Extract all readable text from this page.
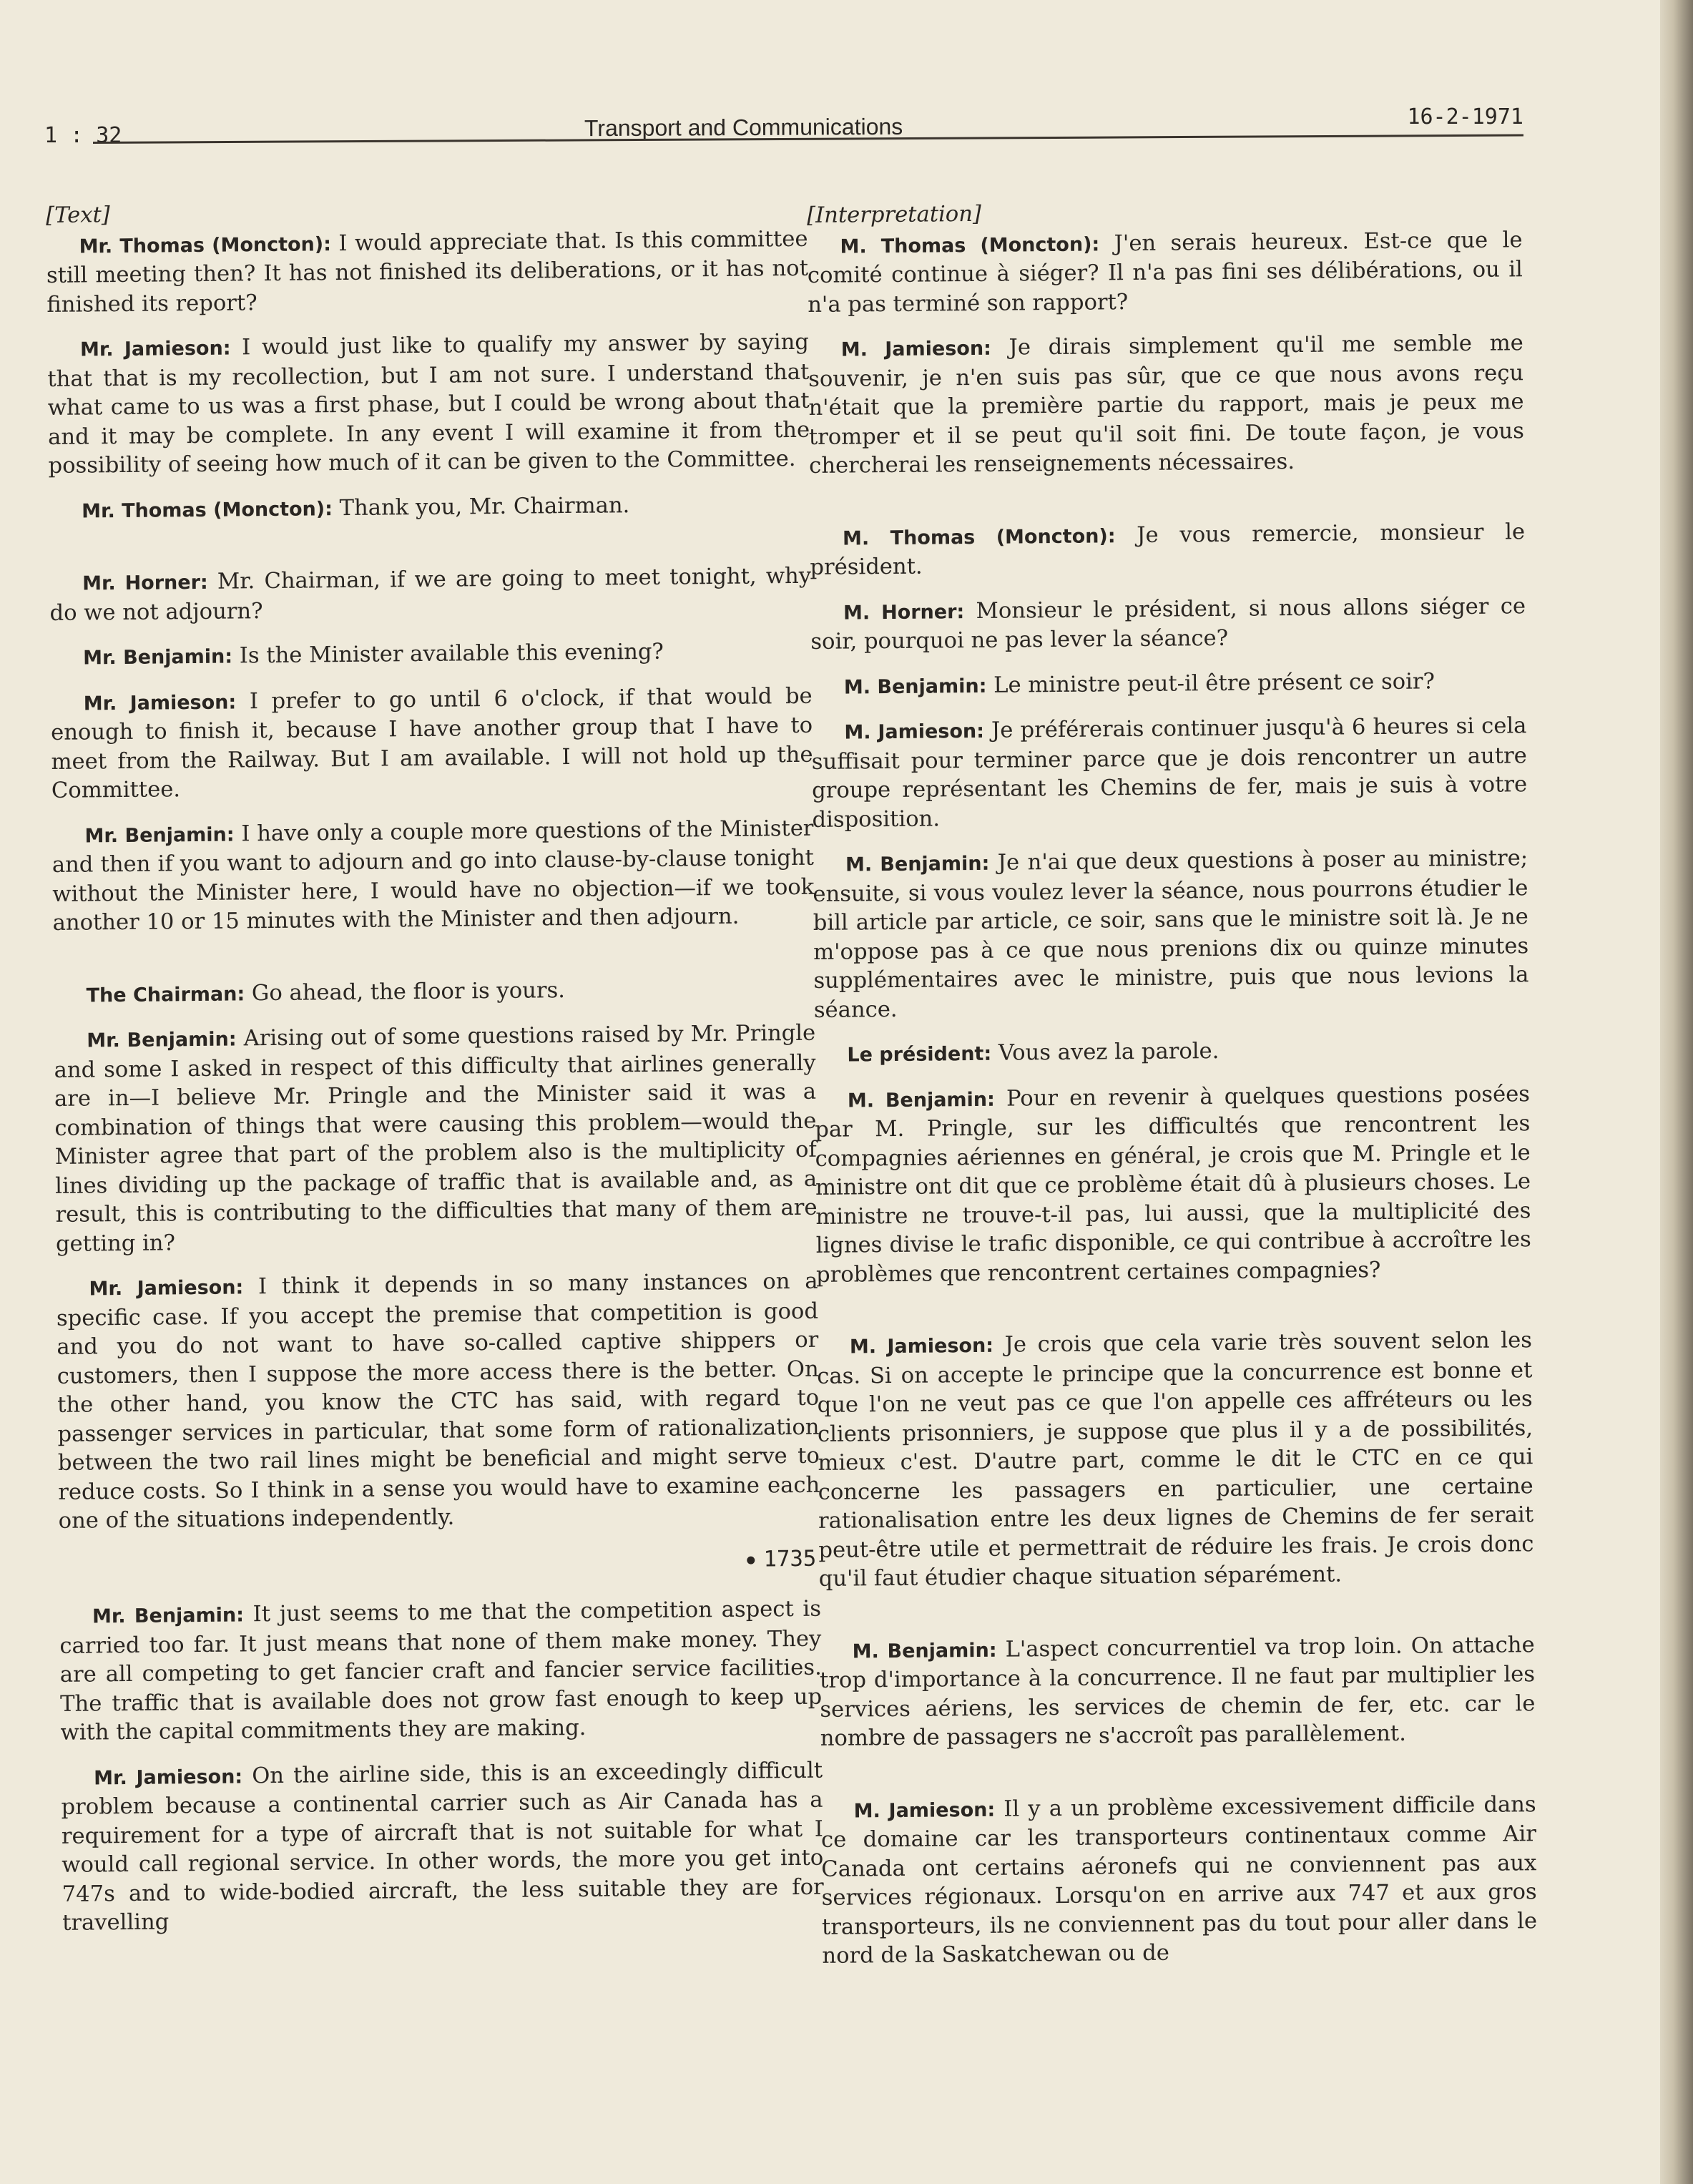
1 : 32	Transport and Communications	16-2-1971
[Text]

Mr. Thomas (Moncton): I would appreciate that. Is this committee still meeting then? It has not finished its deliberations, or it has not finished its report?

Mr. Jamieson: I would just like to qualify my answer by saying that that is my recollection, but I am not sure. I understand that what came to us was a first phase, but I could be wrong about that and it may be complete. In any event I will examine it from the possibility of seeing how much of it can be given to the Committee.

Mr. Thomas (Moncton): Thank you, Mr. Chairman.

Mr. Horner: Mr. Chairman, if we are going to meet tonight, why do we not adjourn?

Mr. Benjamin: Is the Minister available this evening?

Mr. Jamieson: I prefer to go until 6 o'clock, if that would be enough to finish it, because I have another group that I have to meet from the Railway. But I am available. I will not hold up the Committee.

Mr. Benjamin: I have only a couple more questions of the Minister and then if you want to adjourn and go into clause-by-clause tonight without the Minister here, I would have no objection—if we took another 10 or 15 minutes with the Minister and then adjourn.

The Chairman: Go ahead, the floor is yours.

Mr. Benjamin: Arising out of some questions raised by Mr. Pringle and some I asked in respect of this difficulty that airlines generally are in—I believe Mr. Pringle and the Minister said it was a combination of things that were causing this problem—would the Minister agree that part of the problem also is the multiplicity of lines dividing up the package of traffic that is available and, as a result, this is contributing to the difficulties that many of them are getting in?

Mr. Jamieson: I think it depends in so many instances on a specific case. If you accept the premise that competition is good and you do not want to have so-called captive shippers or customers, then I suppose the more access there is the better. On the other hand, you know the CTC has said, with regard to passenger services in particular, that some form of rationalization between the two rail lines might be beneficial and might serve to reduce costs. So I think in a sense you would have to examine each one of the situations independently.

1735

Mr. Benjamin: It just seems to me that the competition aspect is carried too far. It just means that none of them make money. They are all competing to get fancier craft and fancier service facilities. The traffic that is available does not grow fast enough to keep up with the capital commitments they are making.

Mr. Jamieson: On the airline side, this is an exceedingly difficult problem because a continental carrier such as Air Canada has a requirement for a type of aircraft that is not suitable for what I would call regional service. In other words, the more you get into 747s and to wide-bodied aircraft, the less suitable they are for travelling

[Interpretation]

M. Thomas (Moncton): J'en serais heureux. Est-ce que le comité continue à siéger? Il n'a pas fini ses délibérations, ou il n'a pas terminé son rapport?

M. Jamieson: Je dirais simplement qu'il me semble me souvenir, je n'en suis pas sûr, que ce que nous avons reçu n'était que la première partie du rapport, mais je peux me tromper et il se peut qu'il soit fini. De toute façon, je vous chercherai les renseignements nécessaires.

M. Thomas (Moncton): Je vous remercie, monsieur le président.

M. Horner: Monsieur le président, si nous allons siéger ce soir, pourquoi ne pas lever la séance?

M. Benjamin: Le ministre peut-il être présent ce soir?

M. Jamieson: Je préférerais continuer jusqu'à 6 heures si cela suffisait pour terminer parce que je dois rencontrer un autre groupe représentant les Chemins de fer, mais je suis à votre disposition.

M. Benjamin: Je n'ai que deux questions à poser au ministre; ensuite, si vous voulez lever la séance, nous pourrons étudier le bill article par article, ce soir, sans que le ministre soit là. Je ne m'oppose pas à ce que nous prenions dix ou quinze minutes supplémentaires avec le ministre, puis que nous levions la séance.

Le président: Vous avez la parole.

M. Benjamin: Pour en revenir à quelques questions posées par M. Pringle, sur les difficultés que rencontrent les compagnies aériennes en général, je crois que M. Pringle et le ministre ont dit que ce problème était dû à plusieurs choses. Le ministre ne trouve-t-il pas, lui aussi, que la multiplicité des lignes divise le trafic disponible, ce qui contribue à accroître les problèmes que rencontrent certaines compagnies?

M. Jamieson: Je crois que cela varie très souvent selon les cas. Si on accepte le principe que la concurrence est bonne et que l'on ne veut pas ce que l'on appelle ces affréteurs ou les clients prisonniers, je suppose que plus il y a de possibilités, mieux c'est. D'autre part, comme le dit le CTC en ce qui concerne les passagers en particulier, une certaine rationalisation entre les deux lignes de Chemins de fer serait peut-être utile et permettrait de réduire les frais. Je crois donc qu'il faut étudier chaque situation séparément.

M. Benjamin: L'aspect concurrentiel va trop loin. On attache trop d'importance à la concurrence. Il ne faut par multiplier les services aériens, les services de chemin de fer, etc. car le nombre de passagers ne s'accroît pas parallèlement.

M. Jamieson: Il y a un problème excessivement difficile dans ce domaine car les transporteurs continentaux comme Air Canada ont certains aéronefs qui ne conviennent pas aux services régionaux. Lorsqu'on en arrive aux 747 et aux gros transporteurs, ils ne conviennent pas du tout pour aller dans le nord de la Saskatchewan ou de
